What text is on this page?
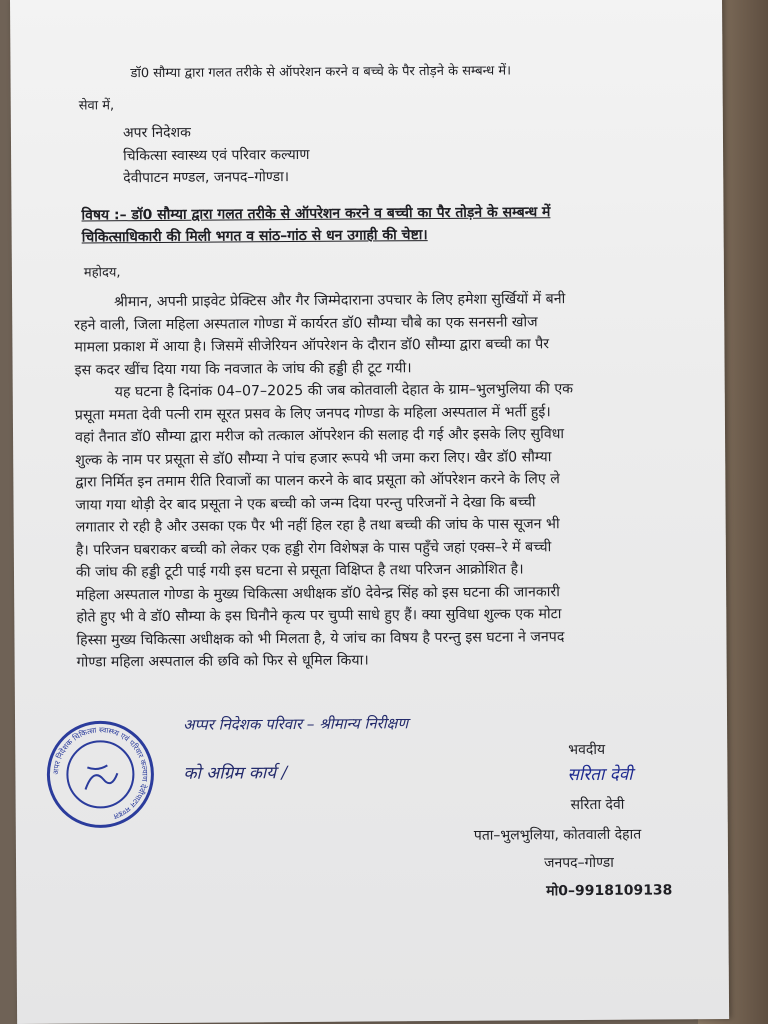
डॉ0 सौम्या द्वारा गलत तरीके से ऑपरेशन करने व बच्चे के पैर तोड़ने के सम्बन्ध में।
सेवा में,
अपर निदेशक
चिकित्सा स्वास्थ्य एवं परिवार कल्याण
देवीपाटन मण्डल, जनपद–गोण्डा।
विषय :– डॉ0 सौम्या द्वारा गलत तरीके से ऑपरेशन करने व बच्ची का पैर तोड़ने के सम्बन्ध में
चिकित्साधिकारी की मिली भगत व सांठ–गांठ से धन उगाही की चेष्टा।
महोदय,
श्रीमान, अपनी प्राइवेट प्रेक्टिस और गैर जिम्मेदाराना उपचार के लिए हमेशा सुर्खियों में बनी
रहने वाली, जिला महिला अस्पताल गोण्डा में कार्यरत डॉ0 सौम्या चौबे का एक सनसनी खोज
मामला प्रकाश में आया है। जिसमें सीजेरियन ऑपरेशन के दौरान डॉ0 सौम्या द्वारा बच्ची का पैर
इस कदर खींच दिया गया कि नवजात के जांघ की हड्डी ही टूट गयी।
यह घटना है दिनांक 04–07–2025 की जब कोतवाली देहात के ग्राम–भुलभुलिया की एक
प्रसूता ममता देवी पत्नी राम सूरत प्रसव के लिए जनपद गोण्डा के महिला अस्पताल में भर्ती हुई।
वहां तैनात डॉ0 सौम्या द्वारा मरीज को तत्काल ऑपरेशन की सलाह दी गई और इसके लिए सुविधा
शुल्क के नाम पर प्रसूता से डॉ0 सौम्या ने पांच हजार रूपये भी जमा करा लिए। खैर डॉ0 सौम्या
द्वारा निर्मित इन तमाम रीति रिवाजों का पालन करने के बाद प्रसूता को ऑपरेशन करने के लिए ले
जाया गया थोड़ी देर बाद प्रसूता ने एक बच्ची को जन्म दिया परन्तु परिजनों ने देखा कि बच्ची
लगातार रो रही है और उसका एक पैर भी नहीं हिल रहा है तथा बच्ची की जांघ के पास सूजन भी
है। परिजन घबराकर बच्ची को लेकर एक हड्डी रोग विशेषज्ञ के पास पहुँचे जहां एक्स–रे में बच्ची
की जांघ की हड्डी टूटी पाई गयी इस घटना से प्रसूता विक्षिप्त है तथा परिजन आक्रोशित है।
महिला अस्पताल गोण्डा के मुख्य चिकित्सा अधीक्षक डॉ0 देवेन्द्र सिंह को इस घटना की जानकारी
होते हुए भी वे डॉ0 सौम्या के इस घिनौने कृत्य पर चुप्पी साधे हुए हैं। क्या सुविधा शुल्क एक मोटा
हिस्सा मुख्य चिकित्सा अधीक्षक को भी मिलता है, ये जांच का विषय है परन्तु इस घटना ने जनपद
गोण्डा महिला अस्पताल की छवि को फिर से धूमिल किया।
अपर निदेशक चिकित्सा स्वास्थ्य एवं परिवार कल्याण देवीपाटन मण्डल
अप्पर निदेशक परिवार – श्रीमान्य निरीक्षण
को अग्रिम कार्य /
भवदीय
सरिता देवी
सरिता देवी
पता–भुलभुलिया, कोतवाली देहात
जनपद–गोण्डा
मो0–9918109138
